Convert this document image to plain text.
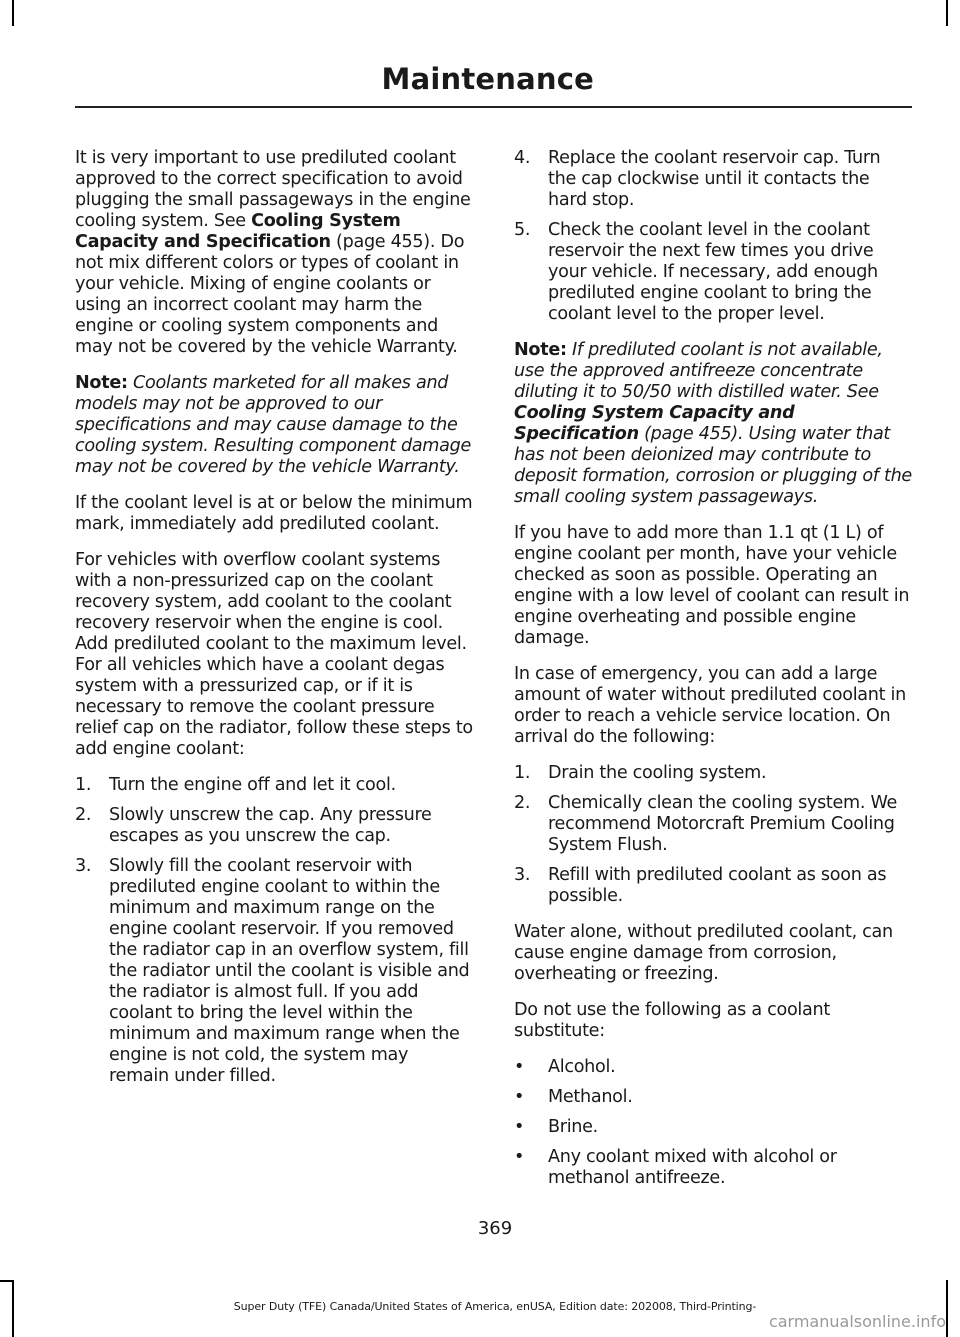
Maintenance

It is very important to use prediluted coolant approved to the correct specification to avoid plugging the small passageways in the engine cooling system. See Cooling System Capacity and Specification (page 455). Do not mix different colors or types of coolant in your vehicle. Mixing of engine coolants or using an incorrect coolant may harm the engine or cooling system components and may not be covered by the vehicle Warranty.

Note: Coolants marketed for all makes and models may not be approved to our specifications and may cause damage to the cooling system. Resulting component damage may not be covered by the vehicle Warranty.

If the coolant level is at or below the minimum mark, immediately add prediluted coolant.

For vehicles with overflow coolant systems with a non-pressurized cap on the coolant recovery system, add coolant to the coolant recovery reservoir when the engine is cool. Add prediluted coolant to the maximum level. For all vehicles which have a coolant degas system with a pressurized cap, or if it is necessary to remove the coolant pressure relief cap on the radiator, follow these steps to add engine coolant:

1.	Turn the engine off and let it cool.
2.	Slowly unscrew the cap. Any pressure escapes as you unscrew the cap.
3.	Slowly fill the coolant reservoir with prediluted engine coolant to within the minimum and maximum range on the engine coolant reservoir. If you removed the radiator cap in an overflow system, fill the radiator until the coolant is visible and the radiator is almost full. If you add coolant to bring the level within the minimum and maximum range when the engine is not cold, the system may remain under filled.
4.	Replace the coolant reservoir cap. Turn the cap clockwise until it contacts the hard stop.
5.	Check the coolant level in the coolant reservoir the next few times you drive your vehicle. If necessary, add enough prediluted engine coolant to bring the coolant level to the proper level.

Note: If prediluted coolant is not available, use the approved antifreeze concentrate diluting it to 50/50 with distilled water. See Cooling System Capacity and Specification (page 455). Using water that has not been deionized may contribute to deposit formation, corrosion or plugging of the small cooling system passageways.

If you have to add more than 1.1 qt (1 L) of engine coolant per month, have your vehicle checked as soon as possible. Operating an engine with a low level of coolant can result in engine overheating and possible engine damage.

In case of emergency, you can add a large amount of water without prediluted coolant in order to reach a vehicle service location. On arrival do the following:

1.	Drain the cooling system.
2.	Chemically clean the cooling system. We recommend Motorcraft Premium Cooling System Flush.
3.	Refill with prediluted coolant as soon as possible.

Water alone, without prediluted coolant, can cause engine damage from corrosion, overheating or freezing.

Do not use the following as a coolant substitute:

•	Alcohol.
•	Methanol.
•	Brine.
•	Any coolant mixed with alcohol or methanol antifreeze.
369
Super Duty (TFE) Canada/United States of America, enUSA, Edition date: 202008, Third-Printing-
carmanualsonline.info
